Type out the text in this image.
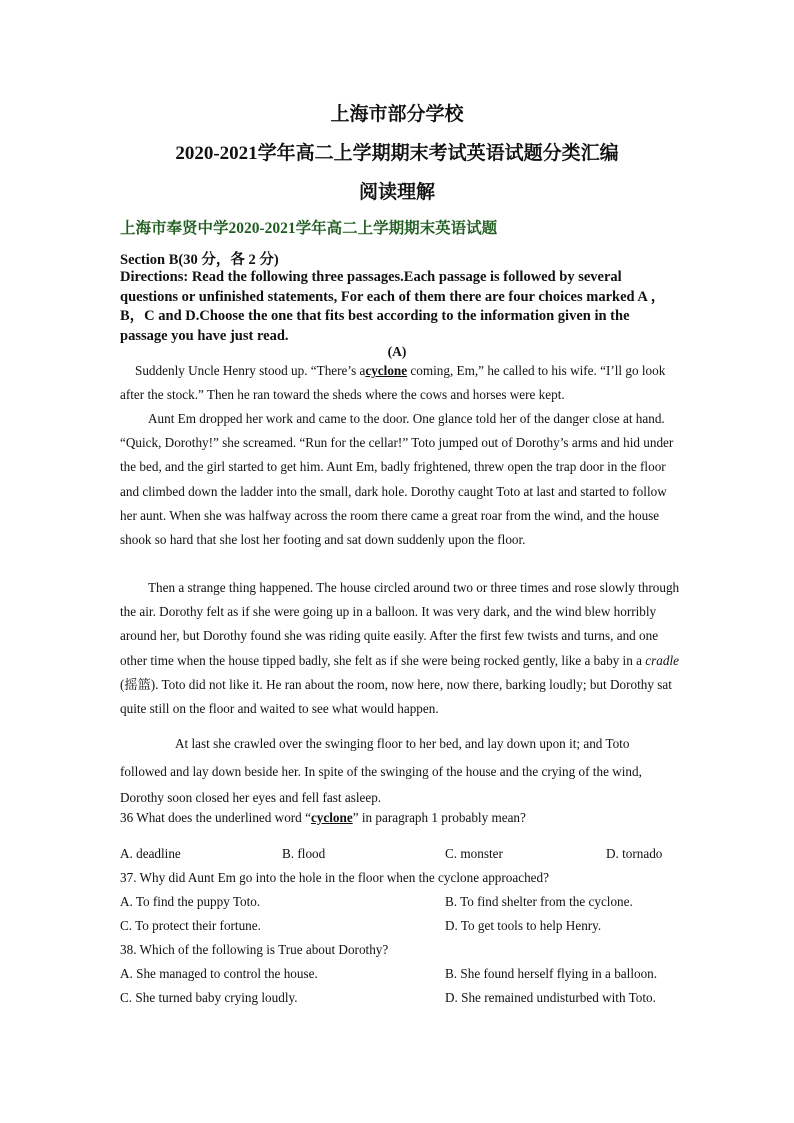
上海市部分学校
2020-2021学年高二上学期期末考试英语试题分类汇编
阅读理解
上海市奉贤中学2020-2021学年高二上学期期末英语试题
Section B(30 分，各 2 分)
Directions: Read the following three passages.Each passage is followed by several questions or unfinished statements, For each of them there are four choices marked A ，B，C and D.Choose the one that fits best according to the information given in the passage you have just read.
(A)
Suddenly Uncle Henry stood up. “There’s acyclone coming, Em,” he called to his wife. “I’ll go look after the stock.” Then he ran toward the sheds where the cows and horses were kept.
Aunt Em dropped her work and came to the door. One glance told her of the danger close at hand. “Quick, Dorothy!” she screamed. “Run for the cellar!” Toto jumped out of Dorothy’s arms and hid under the bed, and the girl started to get him. Aunt Em, badly frightened, threw open the trap door in the floor and climbed down the ladder into the small, dark hole. Dorothy caught Toto at last and started to follow her aunt. When she was halfway across the room there came a great roar from the wind, and the house shook so hard that she lost her footing and sat down suddenly upon the floor.
Then a strange thing happened. The house circled around two or three times and rose slowly through the air. Dorothy felt as if she were going up in a balloon. It was very dark, and the wind blew horribly around her, but Dorothy found she was riding quite easily. After the first few twists and turns, and one other time when the house tipped badly, she felt as if she were being rocked gently, like a baby in a cradle (摇篮). Toto did not like it. He ran about the room, now here, now there, barking loudly; but Dorothy sat quite still on the floor and waited to see what would happen.
At last she crawled over the swinging floor to her bed, and lay down upon it; and Toto
followed and lay down beside her. In spite of the swinging of the house and the crying of the wind, Dorothy soon closed her eyes and fell fast asleep.
36 What does the underlined word “cyclone” in paragraph 1 probably mean?
A. deadline	B. flood	C. monster	D. tornado
37. Why did Aunt Em go into the hole in the floor when the cyclone approached?
A. To find the puppy Toto.	B. To find shelter from the cyclone.
C. To protect their fortune.	D. To get tools to help Henry.
38. Which of the following is True about Dorothy?
A. She managed to control the house.	B. She found herself flying in a balloon.
C. She turned baby crying loudly.	D. She remained undisturbed with Toto.
